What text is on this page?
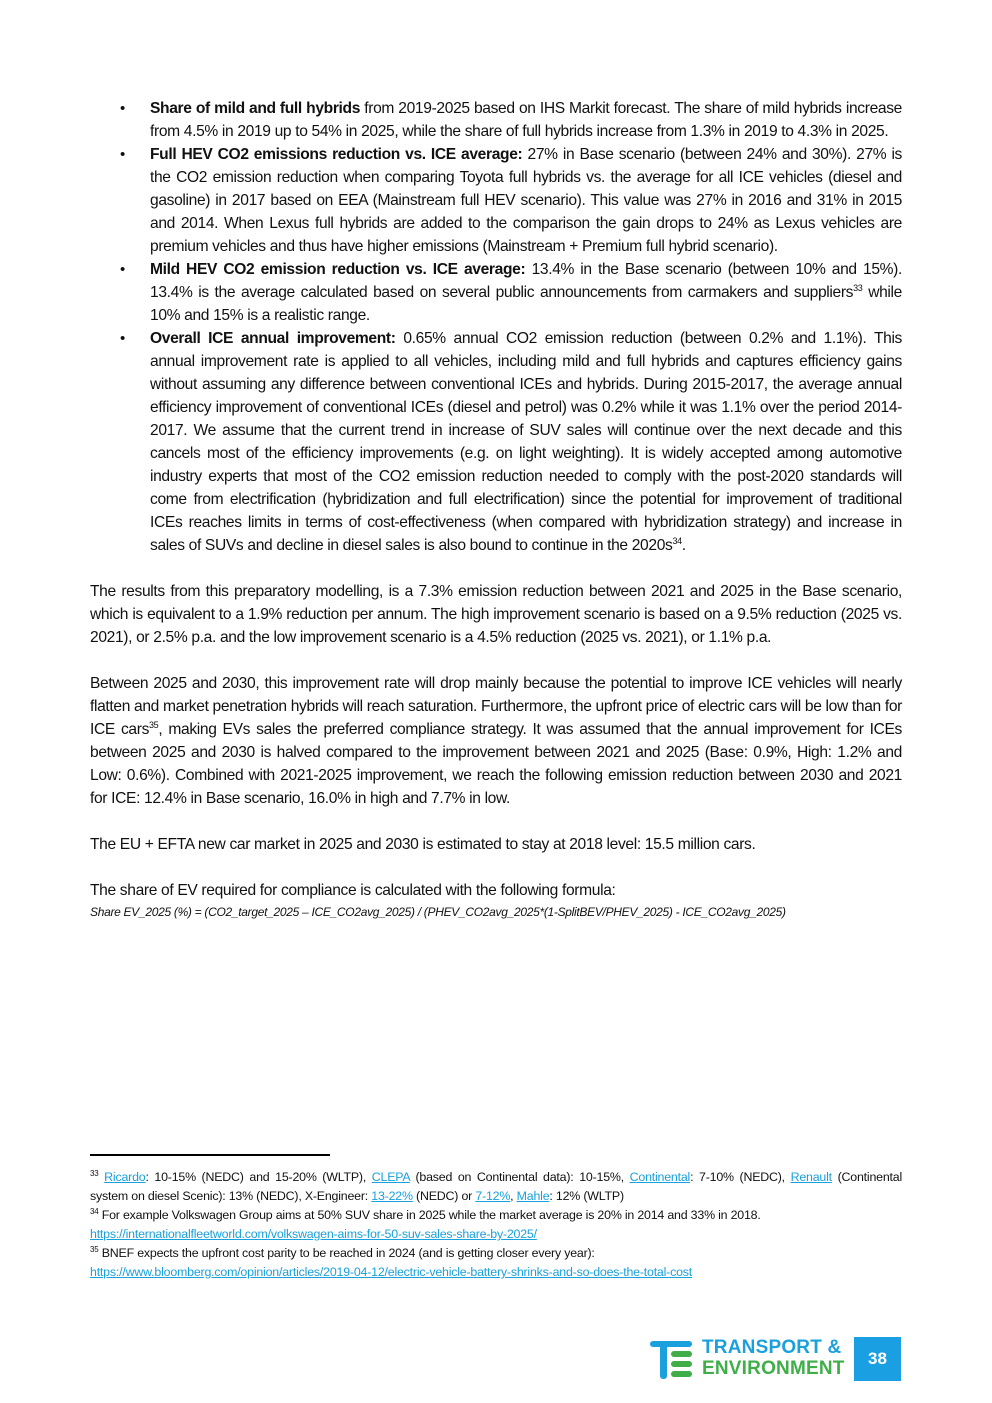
• Share of mild and full hybrids from 2019-2025 based on IHS Markit forecast. The share of mild hybrids increase from 4.5% in 2019 up to 54% in 2025, while the share of full hybrids increase from 1.3% in 2019 to 4.3% in 2025.
• Full HEV CO2 emissions reduction vs. ICE average: 27% in Base scenario (between 24% and 30%). 27% is the CO2 emission reduction when comparing Toyota full hybrids vs. the average for all ICE vehicles (diesel and gasoline) in 2017 based on EEA (Mainstream full HEV scenario). This value was 27% in 2016 and 31% in 2015 and 2014. When Lexus full hybrids are added to the comparison the gain drops to 24% as Lexus vehicles are premium vehicles and thus have higher emissions (Mainstream + Premium full hybrid scenario).
• Mild HEV CO2 emission reduction vs. ICE average: 13.4% in the Base scenario (between 10% and 15%). 13.4% is the average calculated based on several public announcements from carmakers and suppliers$^{33}$ while 10% and 15% is a realistic range.
• Overall ICE annual improvement: 0.65% annual CO2 emission reduction (between 0.2% and 1.1%). This annual improvement rate is applied to all vehicles, including mild and full hybrids and captures efficiency gains without assuming any difference between conventional ICEs and hybrids. During 2015-2017, the average annual efficiency improvement of conventional ICEs (diesel and petrol) was 0.2% while it was 1.1% over the period 2014-2017. We assume that the current trend in increase of SUV sales will continue over the next decade and this cancels most of the efficiency improvements (e.g. on light weighting). It is widely accepted among automotive industry experts that most of the CO2 emission reduction needed to comply with the post-2020 standards will come from electrification (hybridization and full electrification) since the potential for improvement of traditional ICEs reaches limits in terms of cost-effectiveness (when compared with hybridization strategy) and increase in sales of SUVs and decline in diesel sales is also bound to continue in the $2020s^{34}$.

The results from this preparatory modelling, is a 7.3% emission reduction between 2021 and 2025 in the Base scenario, which is equivalent to a 1.9% reduction per annum. The high improvement scenario is based on a 9.5% reduction (2025 vs. 2021), or 2.5% p.a. and the low improvement scenario is a 4.5% reduction (2025 vs. 2021), or 1.1% p.a.

Between 2025 and 2030, this improvement rate will drop mainly because the potential to improve ICE vehicles will nearly flatten and market penetration hybrids will reach saturation. Furthermore, the upfront price of electric cars will be low than for ICE cars$^{35}$, making EVs sales the preferred compliance strategy. It was assumed that the annual improvement for ICEs between 2025 and 2030 is halved compared to the improvement between 2021 and 2025 (Base: 0.9%, High: 1.2% and Low: 0.6%). Combined with 2021-2025 improvement, we reach the following emission reduction between 2030 and 2021 for ICE: 12.4% in Base scenario, 16.0% in high and 7.7% in low.

The EU + EFTA new car market in 2025 and 2030 is estimated to stay at 2018 level: 15.5 million cars.

The share of EV required for compliance is calculated with the following formula:

Share EV_2025 (%) = (CO2_target_2025 – ICE_CO2avg_2025) / (PHEV_CO2avg_2025*(1-SplitBEV/PHEV_2025) - ICE_CO2avg_2025)

$^{33}$ Ricardo: 10-15% (NEDC) and 15-20% (WLTP), CLEPA (based on Continental data): 10-15%, Continental: 7-10% (NEDC), Renault (Continental system on diesel Scenic): 13% (NEDC), X-Engineer: 13-22% (NEDC) or 7-12%, Mahle: 12% (WLTP)

$^{34}$ For example Volkswagen Group aims at 50% SUV share in 2025 while the market average is 20% in 2014 and 33% in 2018.
https://internationalfleetworld.com/volkswagen-aims-for-50-suv-sales-share-by-2025/

$^{35}$ BNEF expects the upfront cost parity to be reached in 2024 (and is getting closer every year):
https://www.bloomberg.com/opinion/articles/2019-04-12/electric-vehicle-battery-shrinks-and-so-does-the-total-cost

TRANSPORT &
ENVIRONMENT	38
